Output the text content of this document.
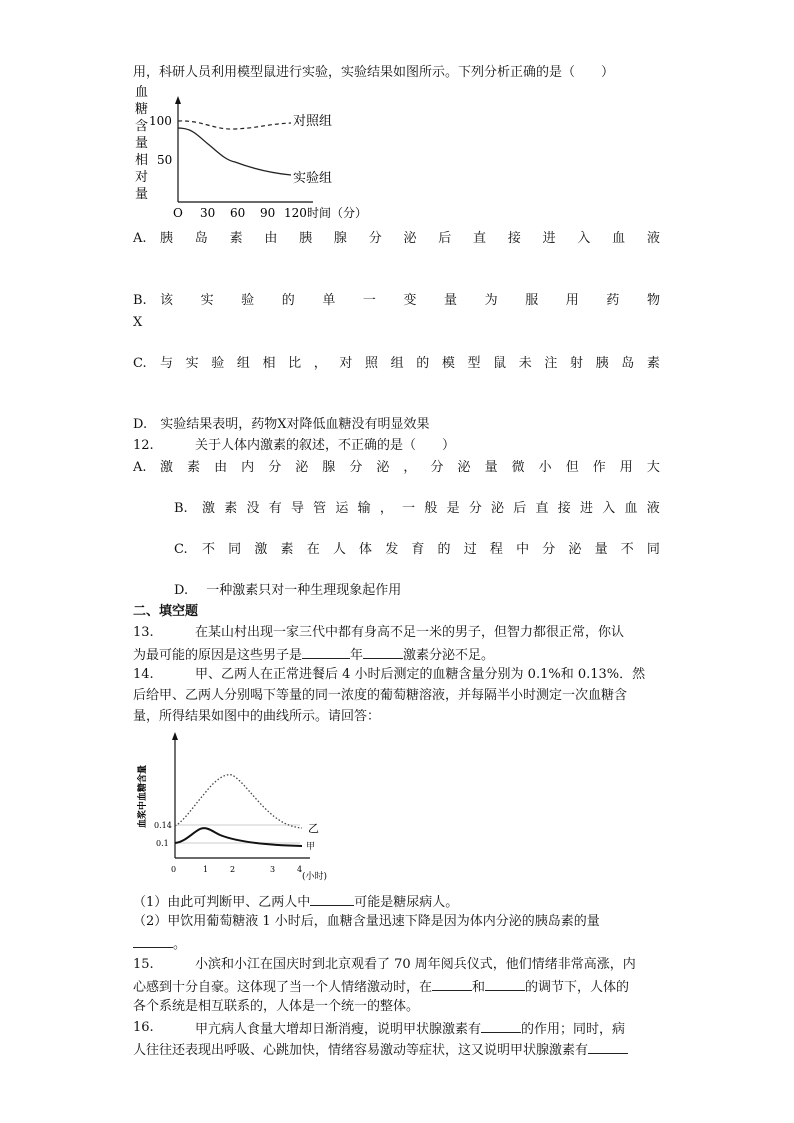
用，科研人员利用模型鼠进行实验，实验结果如图所示。下列分析正确的是（　　）
血
糖
含
量
相
对
量
100
50
对照组
实验组
O 30 60 90 120 时间（分）
A. 胰 岛 素 由 胰 腺 分 泌 后 直 接 进 入 血 液
B. 该 实 验 的 单 一 变 量 为 服 用 药 物
X
C. 与 实 验 组 相 比 ， 对 照 组 的 模 型 鼠 未 注 射 胰 岛 素
D. 实验结果表明，药物X对降低血糖没有明显效果
12.	关于人体内激素的叙述，不正确的是（　　）
A. 激 素 由 内 分 泌 腺 分 泌 ， 分 泌 量 微 小 但 作 用 大
B. 激 素 没 有 导 管 运 输 ， 一 般 是 分 泌 后 直 接 进 入 血 液
C. 不 同 激 素 在 人 体 发 育 的 过 程 中 分 泌 量 不 同
D. 一种激素只对一种生理现象起作用
二、填空题
13.	在某山村出现一家三代中都有身高不足一米的男子，但智力都很正常，你认
为最可能的原因是这些男子是	年	激素分泌不足。
14.	甲、乙两人在正常进餐后 4 小时后测定的血糖含量分别为 0.1%和 0.13%．然
后给甲、乙两人分别喝下等量的同一浓度的葡萄糖溶液，并每隔半小时测定一次血糖含
量，所得结果如图中的曲线所示。请回答：
血浆中血糖含量 0.14
0.1
乙
甲
0	1	2	3	4
(小时)
（1）由此可判断甲、乙两人中	可能是糖尿病人。
（2）甲饮用葡萄糖液 1 小时后，血糖含量迅速下降是因为体内分泌的胰岛素的量
。
15.	小滨和小江在国庆时到北京观看了 70 周年阅兵仪式，他们情绪非常高涨，内
心感到十分自豪。这体现了当一个人情绪激动时，在	和	的调节下，人体的
各个系统是相互联系的，人体是一个统一的整体。
16.	甲亢病人食量大增却日渐消瘦，说明甲状腺激素有	的作用；同时，病
人往往还表现出呼吸、心跳加快，情绪容易激动等症状，这又说明甲状腺激素有
